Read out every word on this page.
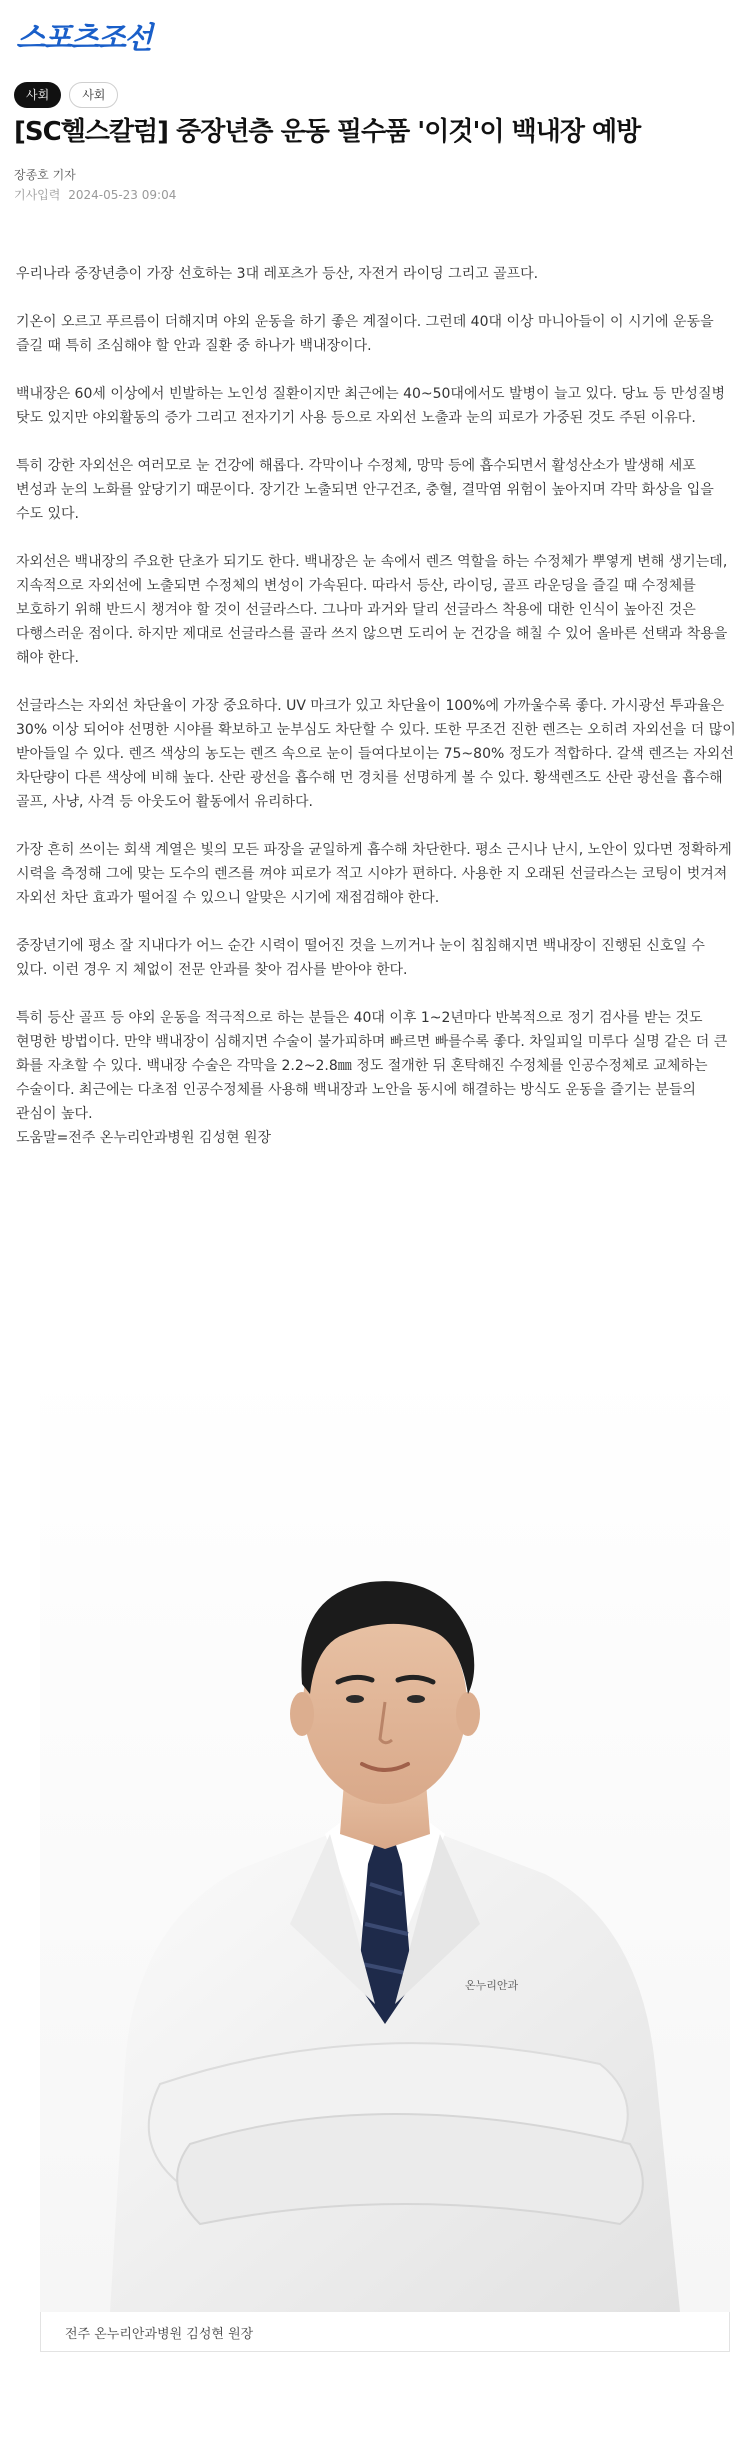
스포츠조선
사회	사회
[SC헬스칼럼] 중장년층 운동 필수품 '이것'이 백내장 예방
장종호 기자
기사입력 2024-05-23 09:04

우리나라 중장년층이 가장 선호하는 3대 레포츠가 등산, 자전거 라이딩 그리고 골프다.

기온이 오르고 푸르름이 더해지며 야외 운동을 하기 좋은 계절이다. 그런데 40대 이상 마니아들이 이 시기에 운동을 즐길 때 특히 조심해야 할 안과 질환 중 하나가 백내장이다.

백내장은 60세 이상에서 빈발하는 노인성 질환이지만 최근에는 40~50대에서도 발병이 늘고 있다. 당뇨 등 만성질병 탓도 있지만 야외활동의 증가 그리고 전자기기 사용 등으로 자외선 노출과 눈의 피로가 가중된 것도 주된 이유다.

특히 강한 자외선은 여러모로 눈 건강에 해롭다. 각막이나 수정체, 망막 등에 흡수되면서 활성산소가 발생해 세포 변성과 눈의 노화를 앞당기기 때문이다. 장기간 노출되면 안구건조, 충혈, 결막염 위험이 높아지며 각막 화상을 입을 수도 있다.

자외선은 백내장의 주요한 단초가 되기도 한다. 백내장은 눈 속에서 렌즈 역할을 하는 수정체가 뿌옇게 변해 생기는데, 지속적으로 자외선에 노출되면 수정체의 변성이 가속된다. 따라서 등산, 라이딩, 골프 라운딩을 즐길 때 수정체를 보호하기 위해 반드시 챙겨야 할 것이 선글라스다. 그나마 과거와 달리 선글라스 착용에 대한 인식이 높아진 것은 다행스러운 점이다. 하지만 제대로 선글라스를 골라 쓰지 않으면 도리어 눈 건강을 해칠 수 있어 올바른 선택과 착용을 해야 한다.

선글라스는 자외선 차단율이 가장 중요하다. UV 마크가 있고 차단율이 100%에 가까울수록 좋다. 가시광선 투과율은 30% 이상 되어야 선명한 시야를 확보하고 눈부심도 차단할 수 있다. 또한 무조건 진한 렌즈는 오히려 자외선을 더 많이 받아들일 수 있다. 렌즈 색상의 농도는 렌즈 속으로 눈이 들여다보이는 75~80% 정도가 적합하다. 갈색 렌즈는 자외선 차단량이 다른 색상에 비해 높다. 산란 광선을 흡수해 먼 경치를 선명하게 볼 수 있다. 황색렌즈도 산란 광선을 흡수해 골프, 사냥, 사격 등 아웃도어 활동에서 유리하다.

가장 흔히 쓰이는 회색 계열은 빛의 모든 파장을 균일하게 흡수해 차단한다. 평소 근시나 난시, 노안이 있다면 정확하게 시력을 측정해 그에 맞는 도수의 렌즈를 껴야 피로가 적고 시야가 편하다. 사용한 지 오래된 선글라스는 코팅이 벗겨져 자외선 차단 효과가 떨어질 수 있으니 알맞은 시기에 재점검해야 한다.

중장년기에 평소 잘 지내다가 어느 순간 시력이 떨어진 것을 느끼거나 눈이 침침해지면 백내장이 진행된 신호일 수 있다. 이런 경우 지 체없이 전문 안과를 찾아 검사를 받아야 한다.

특히 등산 골프 등 야외 운동을 적극적으로 하는 분들은 40대 이후 1~2년마다 반복적으로 정기 검사를 받는 것도 현명한 방법이다. 만약 백내장이 심해지면 수술이 불가피하며 빠르면 빠를수록 좋다. 차일피일 미루다 실명 같은 더 큰 화를 자초할 수 있다. 백내장 수술은 각막을 2.2~2.8㎜ 정도 절개한 뒤 혼탁해진 수정체를 인공수정체로 교체하는 수술이다. 최근에는 다초점 인공수정체를 사용해 백내장과 노안을 동시에 해결하는 방식도 운동을 즐기는 분들의 관심이 높다.

도움말=전주 온누리안과병원 김성현 원장

온누리안과
전주 온누리안과병원 김성현 원장
